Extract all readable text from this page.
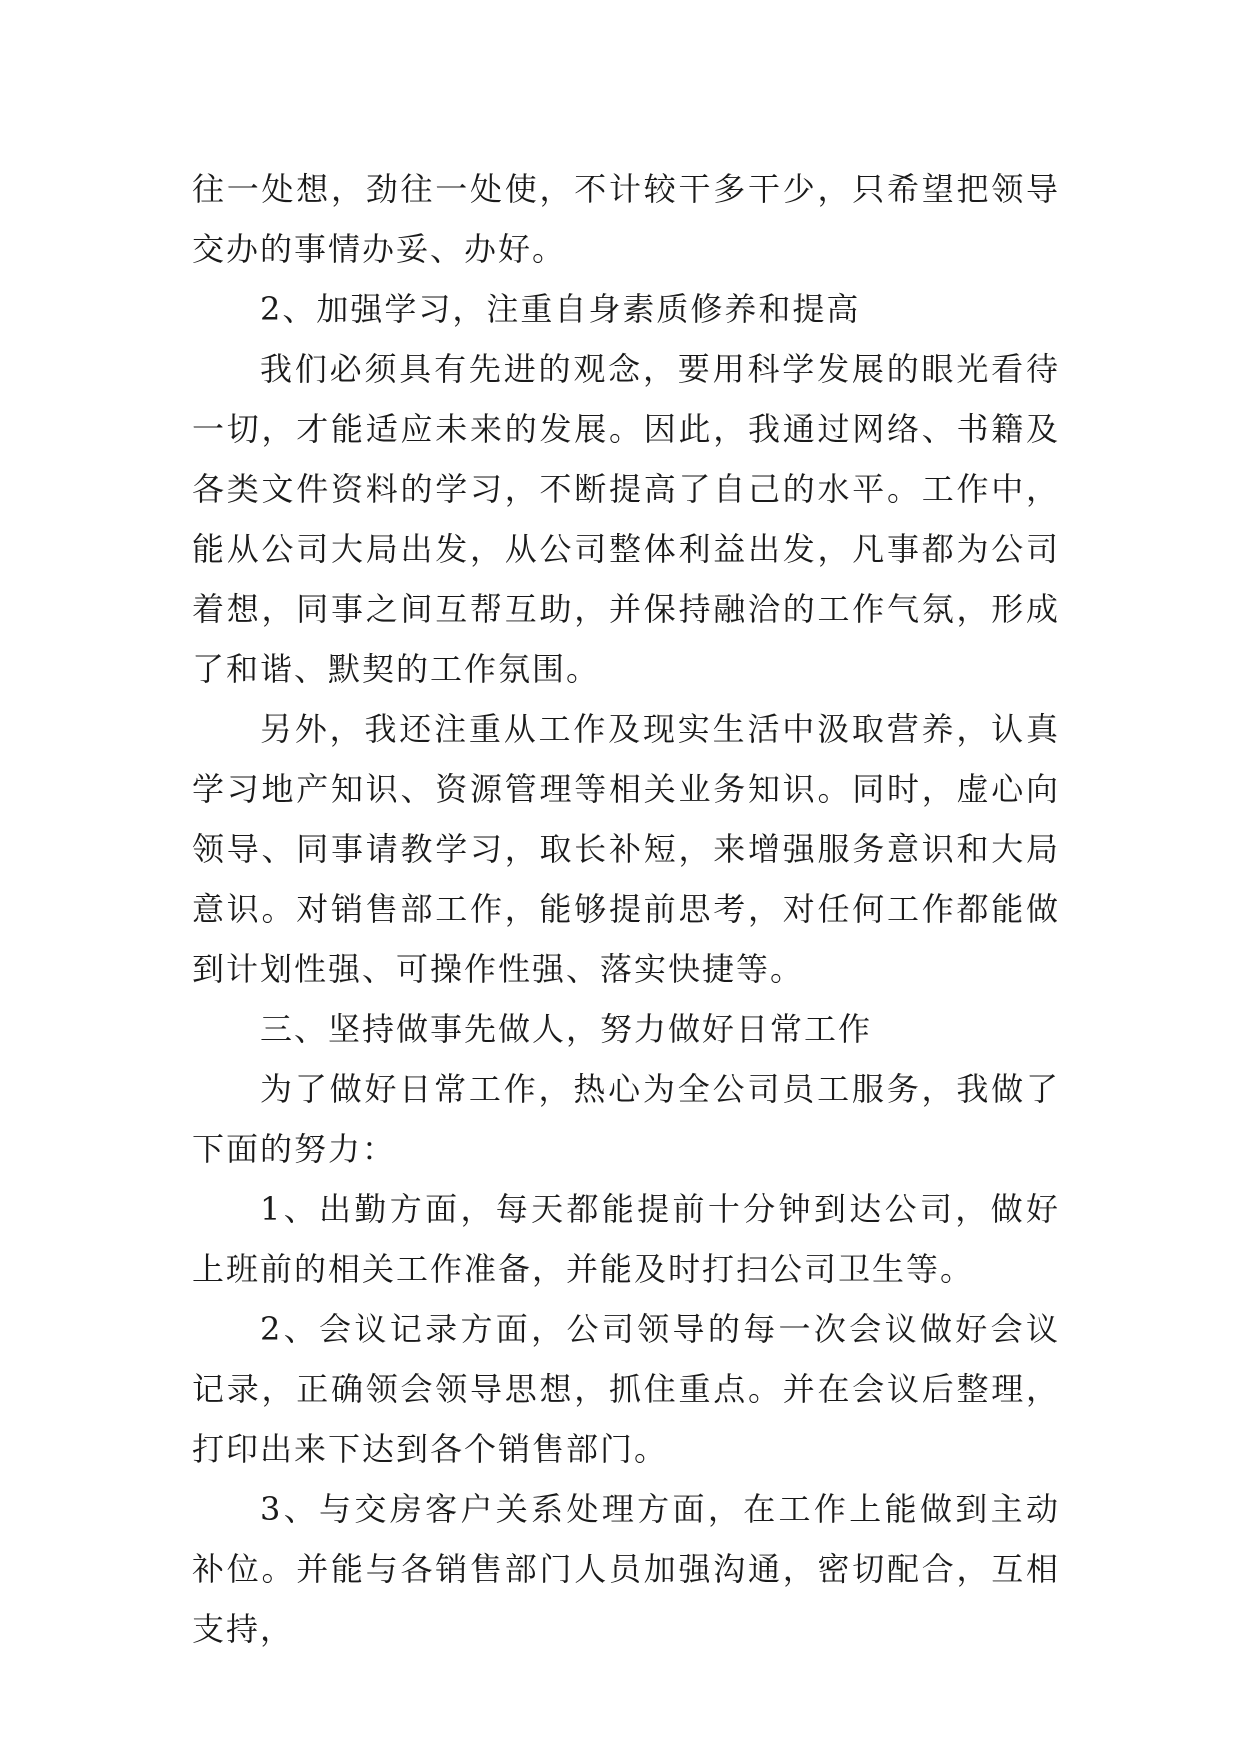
往一处想，劲往一处使，不计较干多干少，只希望把领导交办的事情办妥、办好。

2、加强学习，注重自身素质修养和提高

我们必须具有先进的观念，要用科学发展的眼光看待一切，才能适应未来的发展。因此，我通过网络、书籍及各类文件资料的学习，不断提高了自己的水平。工作中，能从公司大局出发，从公司整体利益出发，凡事都为公司着想，同事之间互帮互助，并保持融洽的工作气氛，形成了和谐、默契的工作氛围。

另外，我还注重从工作及现实生活中汲取营养，认真学习地产知识、资源管理等相关业务知识。同时，虚心向领导、同事请教学习，取长补短，来增强服务意识和大局意识。对销售部工作，能够提前思考，对任何工作都能做到计划性强、可操作性强、落实快捷等。

三、坚持做事先做人，努力做好日常工作

为了做好日常工作，热心为全公司员工服务，我做了下面的努力：

1、出勤方面，每天都能提前十分钟到达公司，做好上班前的相关工作准备，并能及时打扫公司卫生等。

2、会议记录方面，公司领导的每一次会议做好会议记录，正确领会领导思想，抓住重点。并在会议后整理，打印出来下达到各个销售部门。

3、与交房客户关系处理方面，在工作上能做到主动补位。并能与各销售部门人员加强沟通，密切配合，互相支持，
